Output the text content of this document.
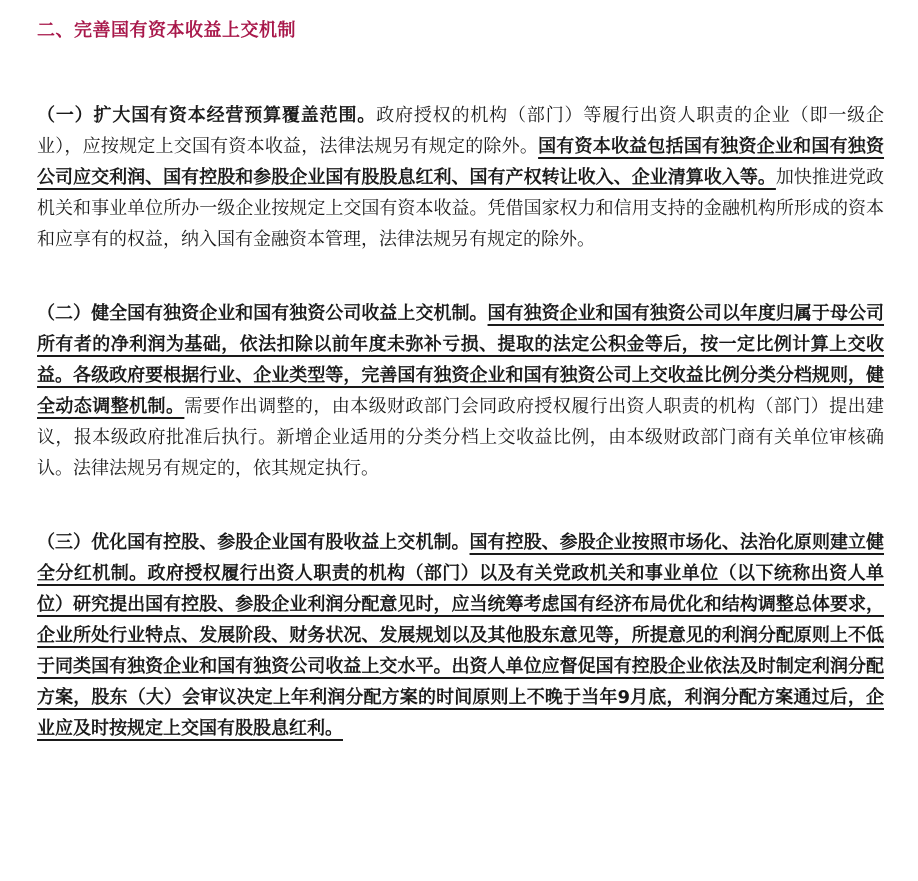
二、完善国有资本收益上交机制

（一）扩大国有资本经营预算覆盖范围。政府授权的机构（部门）等履行出资人职责的企业（即一级企业），应按规定上交国有资本收益，法律法规另有规定的除外。国有资本收益包括国有独资企业和国有独资公司应交利润、国有控股和参股企业国有股股息红利、国有产权转让收入、企业清算收入等。加快推进党政机关和事业单位所办一级企业按规定上交国有资本收益。凭借国家权力和信用支持的金融机构所形成的资本和应享有的权益，纳入国有金融资本管理，法律法规另有规定的除外。

（二）健全国有独资企业和国有独资公司收益上交机制。国有独资企业和国有独资公司以年度归属于母公司所有者的净利润为基础，依法扣除以前年度未弥补亏损、提取的法定公积金等后，按一定比例计算上交收益。各级政府要根据行业、企业类型等，完善国有独资企业和国有独资公司上交收益比例分类分档规则，健全动态调整机制。需要作出调整的，由本级财政部门会同政府授权履行出资人职责的机构（部门）提出建议，报本级政府批准后执行。新增企业适用的分类分档上交收益比例，由本级财政部门商有关单位审核确认。法律法规另有规定的，依其规定执行。

（三）优化国有控股、参股企业国有股收益上交机制。国有控股、参股企业按照市场化、法治化原则建立健全分红机制。政府授权履行出资人职责的机构（部门）以及有关党政机关和事业单位（以下统称出资人单位）研究提出国有控股、参股企业利润分配意见时，应当统筹考虑国有经济布局优化和结构调整总体要求，企业所处行业特点、发展阶段、财务状况、发展规划以及其他股东意见等，所提意见的利润分配原则上不低于同类国有独资企业和国有独资公司收益上交水平。出资人单位应督促国有控股企业依法及时制定利润分配方案，股东（大）会审议决定上年利润分配方案的时间原则上不晚于当年9月底，利润分配方案通过后，企业应及时按规定上交国有股股息红利。
